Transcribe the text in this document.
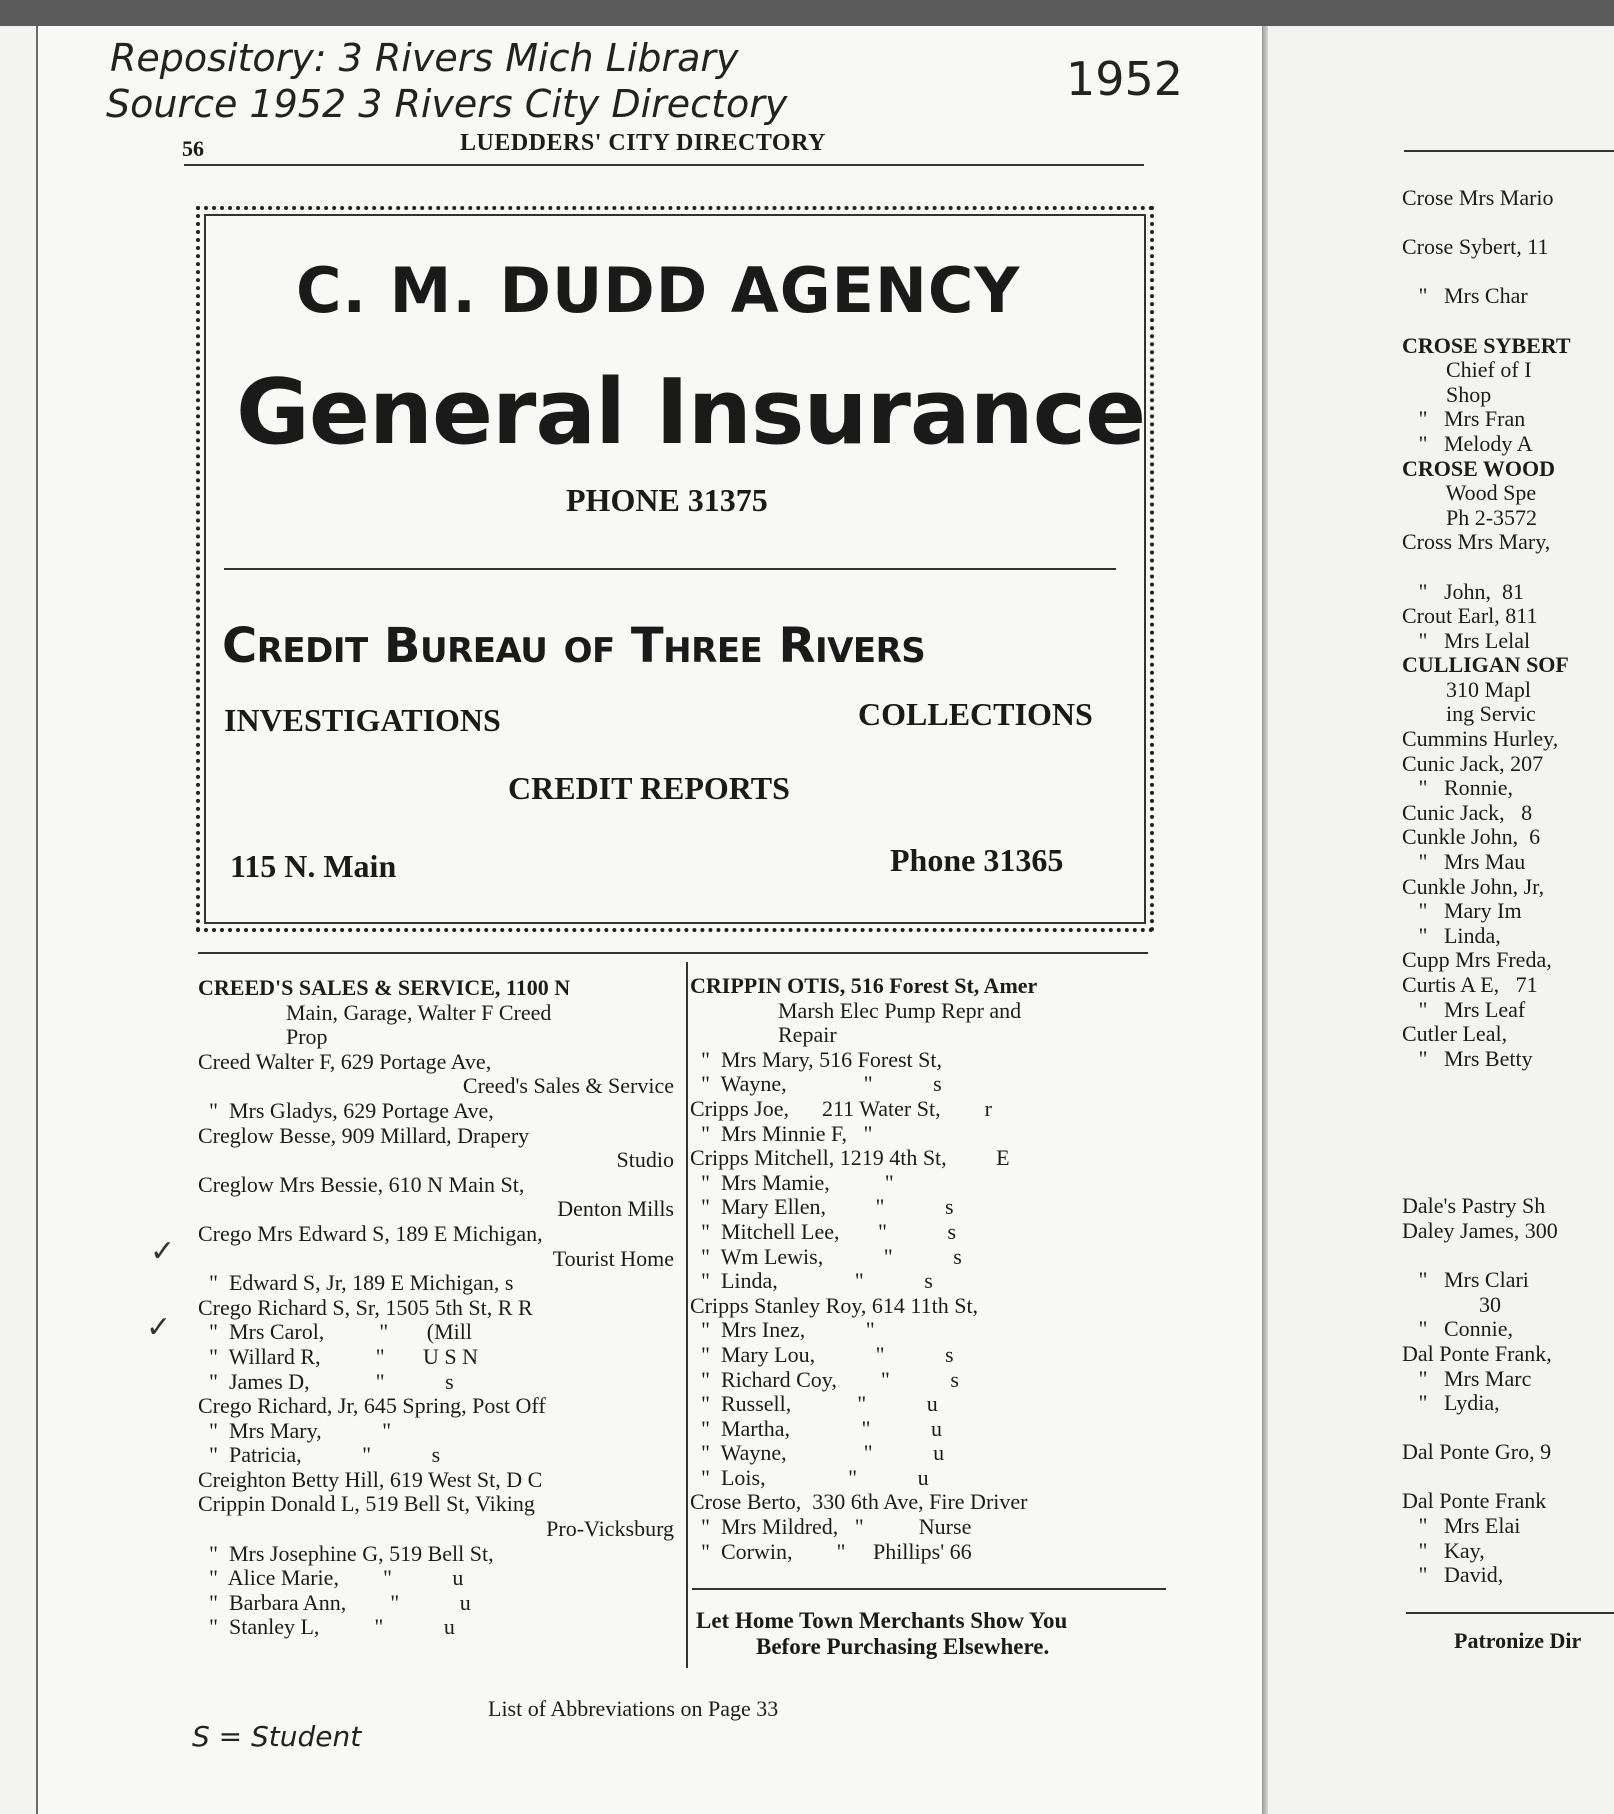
Repository: 3 Rivers Mich Library
Source 1952 3 Rivers City Directory	1952
56	LUEDDERS' CITY DIRECTORY
C. M. DUDD AGENCY
General Insurance
PHONE 31375
Credit Bureau of Three Rivers
INVESTIGATIONS	COLLECTIONS
CREDIT REPORTS
115 N. Main	Phone 31365
✓
✓
CREED'S SALES & SERVICE, 1100 N
Main, Garage, Walter F Creed
Prop
Creed Walter F, 629 Portage Ave,
Creed's Sales & Service
"  Mrs Gladys, 629 Portage Ave,
Creglow Besse, 909 Millard, Drapery
Studio
Creglow Mrs Bessie, 610 N Main St,
Denton Mills
Crego Mrs Edward S, 189 E Michigan,
Tourist Home
"  Edward S, Jr, 189 E Michigan, s
Crego Richard S, Sr, 1505 5th St, R R
"  Mrs Carol,          "       (Mill
"  Willard R,          "       U S N
"  James D,            "           s
Crego Richard, Jr, 645 Spring, Post Off
"  Mrs Mary,           "
"  Patricia,           "           s
Creighton Betty Hill, 619 West St, D C
Crippin Donald L, 519 Bell St, Viking
Pro-Vicksburg
"  Mrs Josephine G, 519 Bell St,
"  Alice Marie,        "           u
"  Barbara Ann,        "           u
"  Stanley L,          "           u
CRIPPIN OTIS, 516 Forest St, Amer
Marsh Elec Pump Repr and
Repair
"  Mrs Mary, 516 Forest St,
"  Wayne,              "           s
Cripps Joe,      211 Water St,        r
"  Mrs Minnie F,   "
Cripps Mitchell, 1219 4th St,         E
"  Mrs Mamie,          "
"  Mary Ellen,         "           s
"  Mitchell Lee,       "           s
"  Wm Lewis,           "           s
"  Linda,              "           s
Cripps Stanley Roy, 614 11th St,
"  Mrs Inez,           "
"  Mary Lou,           "           s
"  Richard Coy,        "           s
"  Russell,            "           u
"  Martha,             "           u
"  Wayne,              "           u
"  Lois,               "           u
Crose Berto,  330 6th Ave, Fire Driver
"  Mrs Mildred,   "          Nurse
"  Corwin,        "     Phillips' 66
Let Home Town Merchants Show You
Before Purchasing Elsewhere.
List of Abbreviations on Page 33
S = Student
Crose Mrs Mario
Crose Sybert, 11
"   Mrs Char
CROSE SYBERT
Chief of I
Shop
"   Mrs Fran
"   Melody A
CROSE WOOD
Wood Spe
Ph 2-3572
Cross Mrs Mary,
"   John,  81
Crout Earl, 811
"   Mrs Lelal
CULLIGAN SOF
310 Mapl
ing Servic
Cummins Hurley,
Cunic Jack, 207
"   Ronnie,
Cunic Jack,   8
Cunkle John,  6
"   Mrs Mau
Cunkle John, Jr,
"   Mary Im
"   Linda,
Cupp Mrs Freda,
Curtis A E,   71
"   Mrs Leaf
Cutler Leal,
"   Mrs Betty
Dale's Pastry Sh
Daley James, 300
"   Mrs Clari
30
"   Connie,
Dal Ponte Frank,
"   Mrs Marc
"   Lydia,
Dal Ponte Gro, 9
Dal Ponte Frank
"   Mrs Elai
"   Kay,
"   David,
Patronize Dir
